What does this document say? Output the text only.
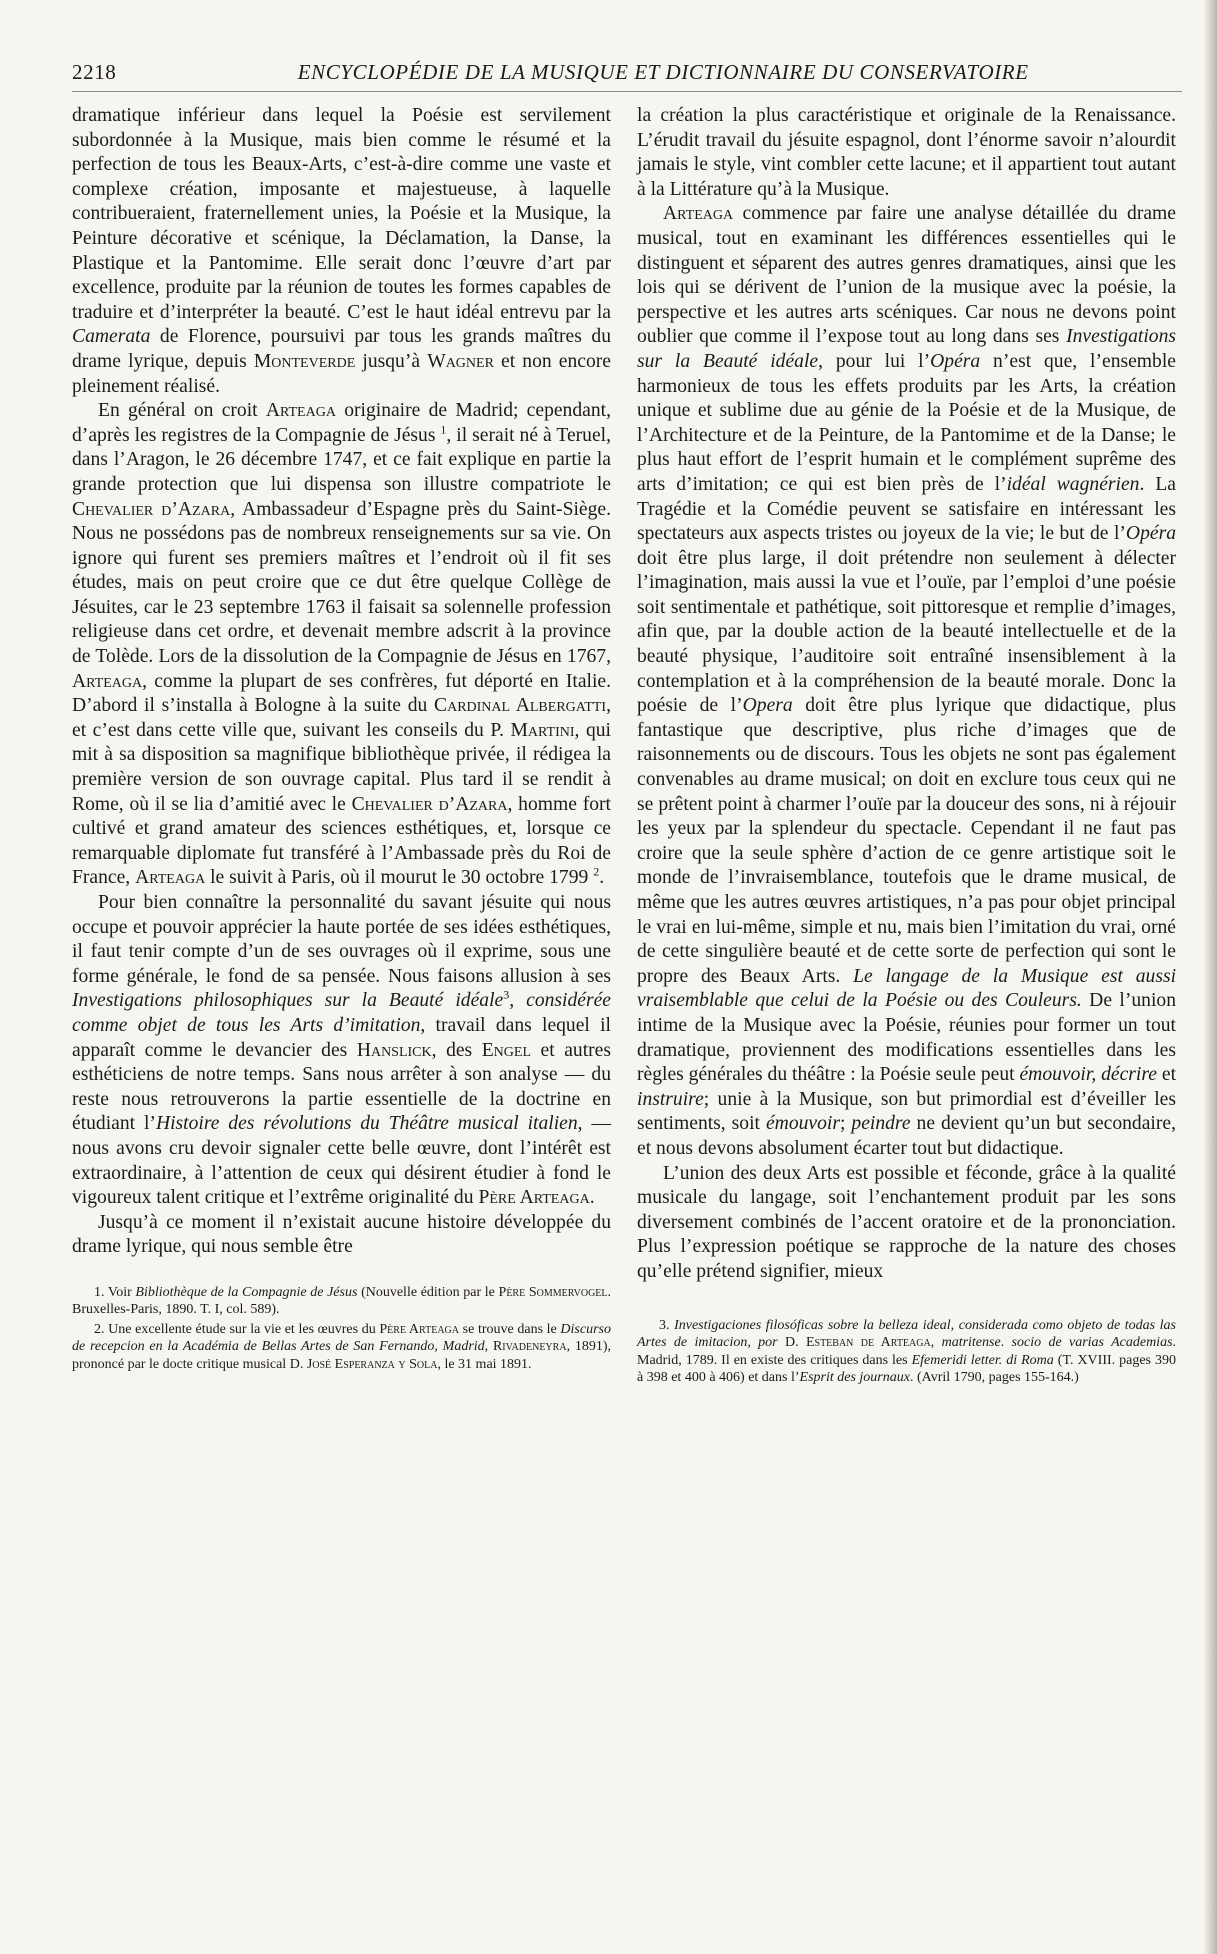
2218	ENCYCLOPÉDIE DE LA MUSIQUE ET DICTIONNAIRE DU CONSERVATOIRE

dramatique inférieur dans lequel la Poésie est servilement subordonnée à la Musique, mais bien comme le résumé et la perfection de tous les Beaux-Arts, c’est-à-dire comme une vaste et complexe création, imposante et majestueuse, à laquelle contribueraient, fraternellement unies, la Poésie et la Musique, la Peinture décorative et scénique, la Déclamation, la Danse, la Plastique et la Pantomime. Elle serait donc l’œuvre d’art par excellence, produite par la réunion de toutes les formes capables de traduire et d’interpréter la beauté. C’est le haut idéal entrevu par la Camerata de Florence, poursuivi par tous les grands maîtres du drame lyrique, depuis Monteverde jusqu’à Wagner et non encore pleinement réalisé.

En général on croit Arteaga originaire de Madrid; cependant, d’après les registres de la Compagnie de Jésus $^1$, il serait né à Teruel, dans l’Aragon, le 26 décembre 1747, et ce fait explique en partie la grande protection que lui dispensa son illustre compatriote le Chevalier d’Azara, Ambassadeur d’Espagne près du Saint-Siège. Nous ne possédons pas de nombreux renseignements sur sa vie. On ignore qui furent ses premiers maîtres et l’endroit où il fit ses études, mais on peut croire que ce dut être quelque Collège de Jésuites, car le 23 septembre 1763 il faisait sa solennelle profession religieuse dans cet ordre, et devenait membre adscrit à la province de Tolède. Lors de la dissolution de la Compagnie de Jésus en 1767, Arteaga, comme la plupart de ses confrères, fut déporté en Italie. D’abord il s’installa à Bologne à la suite du Cardinal Albergatti, et c’est dans cette ville que, suivant les conseils du P. Martini, qui mit à sa disposition sa magnifique bibliothèque privée, il rédigea la première version de son ouvrage capital. Plus tard il se rendit à Rome, où il se lia d’amitié avec le Chevalier d’Azara, homme fort cultivé et grand amateur des sciences esthétiques, et, lorsque ce remarquable diplomate fut transféré à l’Ambassade près du Roi de France, Arteaga le suivit à Paris, où il mourut le 30 octobre 1799 $^2$.

Pour bien connaître la personnalité du savant jésuite qui nous occupe et pouvoir apprécier la haute portée de ses idées esthétiques, il faut tenir compte d’un de ses ouvrages où il exprime, sous une forme générale, le fond de sa pensée. Nous faisons allusion à ses Investigations philosophiques sur la Beauté idéale$^3$, considérée comme objet de tous les Arts d’imitation, travail dans lequel il apparaît comme le devancier des Hanslick, des Engel et autres esthéticiens de notre temps. Sans nous arrêter à son analyse — du reste nous retrouverons la partie essentielle de la doctrine en étudiant l’Histoire des révolutions du Théâtre musical italien, — nous avons cru devoir signaler cette belle œuvre, dont l’intérêt est extraordinaire, à l’attention de ceux qui désirent étudier à fond le vigoureux talent critique et l’extrême originalité du Père Arteaga.

Jusqu’à ce moment il n’existait aucune histoire développée du drame lyrique, qui nous semble être

1. Voir Bibliothèque de la Compagnie de Jésus (Nouvelle édition par le Père Sommervogel. Bruxelles-Paris, 1890. T. I, col. 589).

2. Une excellente étude sur la vie et les œuvres du Père Arteaga se trouve dans le Discurso de recepcion en la Académia de Bellas Artes de San Fernando, Madrid, Rivadeneyra, 1891), prononcé par le docte critique musical D. José Esperanza y Sola, le 31 mai 1891.

la création la plus caractéristique et originale de la Renaissance. L’érudit travail du jésuite espagnol, dont l’énorme savoir n’alourdit jamais le style, vint combler cette lacune; et il appartient tout autant à la Littérature qu’à la Musique.

Arteaga commence par faire une analyse détaillée du drame musical, tout en examinant les différences essentielles qui le distinguent et séparent des autres genres dramatiques, ainsi que les lois qui se dérivent de l’union de la musique avec la poésie, la perspective et les autres arts scéniques. Car nous ne devons point oublier que comme il l’expose tout au long dans ses Investigations sur la Beauté idéale, pour lui l’Opéra n’est que, l’ensemble harmonieux de tous les effets produits par les Arts, la création unique et sublime due au génie de la Poésie et de la Musique, de l’Architecture et de la Peinture, de la Pantomime et de la Danse; le plus haut effort de l’esprit humain et le complément suprême des arts d’imitation; ce qui est bien près de l’idéal wagnérien. La Tragédie et la Comédie peuvent se satisfaire en intéressant les spectateurs aux aspects tristes ou joyeux de la vie; le but de l’Opéra doit être plus large, il doit prétendre non seulement à délecter l’imagination, mais aussi la vue et l’ouïe, par l’emploi d’une poésie soit sentimentale et pathétique, soit pittoresque et remplie d’images, afin que, par la double action de la beauté intellectuelle et de la beauté physique, l’auditoire soit entraîné insensiblement à la contemplation et à la compréhension de la beauté morale. Donc la poésie de l’Opera doit être plus lyrique que didactique, plus fantastique que descriptive, plus riche d’images que de raisonnements ou de discours. Tous les objets ne sont pas également convenables au drame musical; on doit en exclure tous ceux qui ne se prêtent point à charmer l’ouïe par la douceur des sons, ni à réjouir les yeux par la splendeur du spectacle. Cependant il ne faut pas croire que la seule sphère d’action de ce genre artistique soit le monde de l’invraisemblance, toutefois que le drame musical, de même que les autres œuvres artistiques, n’a pas pour objet principal le vrai en lui-même, simple et nu, mais bien l’imitation du vrai, orné de cette singulière beauté et de cette sorte de perfection qui sont le propre des Beaux Arts. Le langage de la Musique est aussi vraisemblable que celui de la Poésie ou des Couleurs. De l’union intime de la Musique avec la Poésie, réunies pour former un tout dramatique, proviennent des modifications essentielles dans les règles générales du théâtre : la Poésie seule peut émouvoir, décrire et instruire; unie à la Musique, son but primordial est d’éveiller les sentiments, soit émouvoir; peindre ne devient qu’un but secondaire, et nous devons absolument écarter tout but didactique.

L’union des deux Arts est possible et féconde, grâce à la qualité musicale du langage, soit l’enchantement produit par les sons diversement combinés de l’accent oratoire et de la prononciation. Plus l’expression poétique se rapproche de la nature des choses qu’elle prétend signifier, mieux

3. Investigaciones filosóficas sobre la belleza ideal, considerada como objeto de todas las Artes de imitacion, por D. Esteban de Arteaga, matritense. socio de varias Academias. Madrid, 1789. Il en existe des critiques dans les Efemeridi letter. di Roma (T. XVIII. pages 390 à 398 et 400 à 406) et dans l’Esprit des journaux. (Avril 1790, pages 155-164.)
